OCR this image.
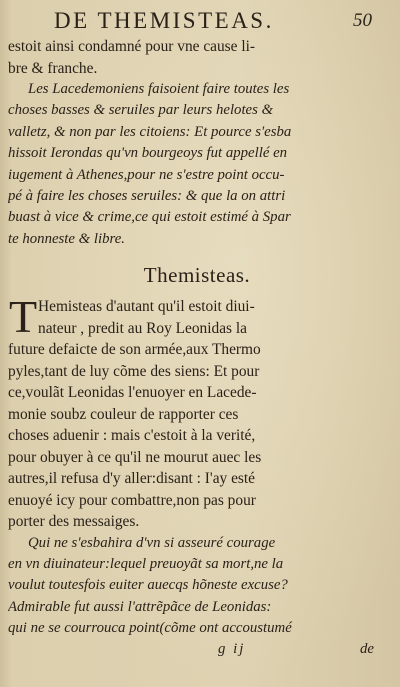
DE THEMISTEAS.	50
estoit ainsi condamné pour vne cause li-
bre & franche.
Les Lacedemoniens faisoient faire toutes les
choses basses & seruiles par leurs helotes &
valletz, & non par les citoiens: Et pource s'esba
hissoit Ierondas qu'vn bourgeoys fut appellé en
iugement à Athenes,pour ne s'estre point occu-
pé à faire les choses seruiles: & que la on attri
buast à vice & crime,ce qui estoit estimé à Spar
te honneste & libre.
Themisteas.
T Hemisteas d'autant qu'il estoit diui-
nateur , predit au Roy Leonidas la
future defaicte de son armée,aux Thermo
pyles,tant de luy cõme des siens: Et pour
ce,voulãt Leonidas l'enuoyer en Lacede-
monie soubz couleur de rapporter ces
choses aduenir : mais c'estoit à la verité,
pour obuyer à ce qu'il ne mourut auec les
autres,il refusa d'y aller:disant : I'ay esté
enuoyé icy pour combattre,non pas pour
porter des messaiges.
Qui ne s'esbahira d'vn si asseuré courage
en vn diuinateur:lequel preuoyãt sa mort,ne la
voulut toutesfois euiter auecqs hõneste excuse?
Admirable fut aussi l'attrẽpãce de Leonidas:
qui ne se courrouca point(cõme ont accoustumé
g ij	de
